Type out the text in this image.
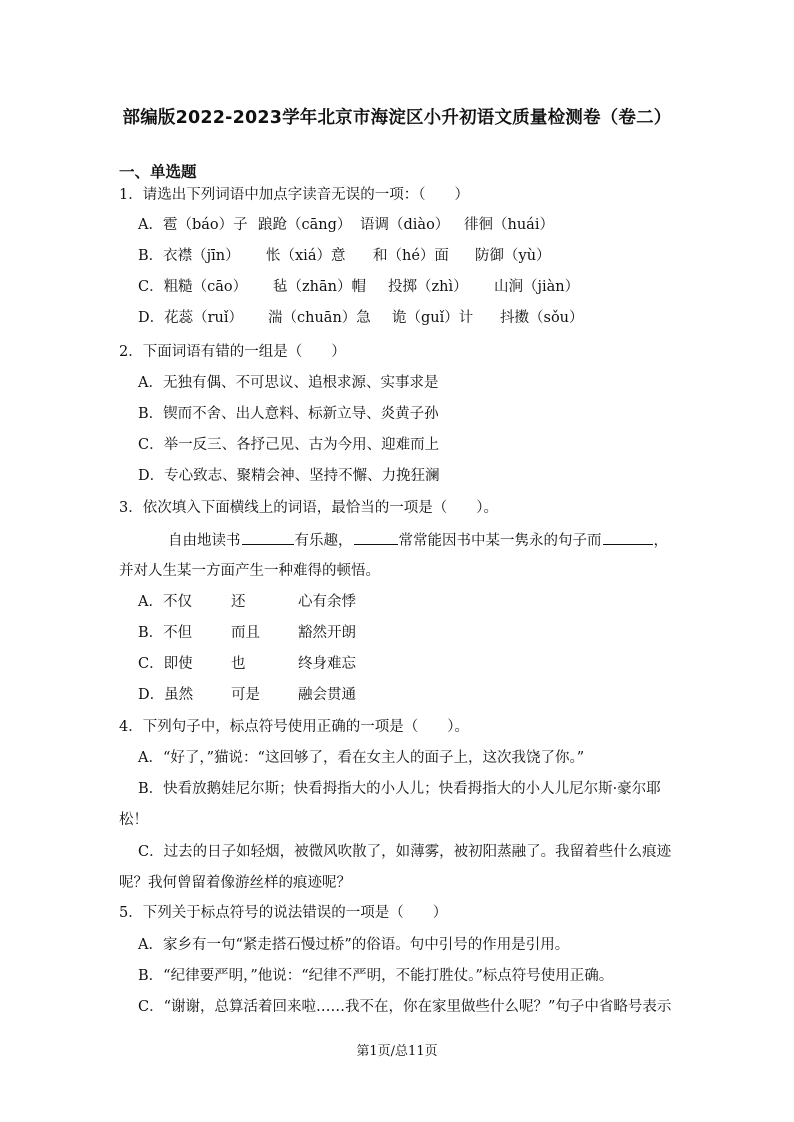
部编版2022-2023学年北京市海淀区小升初语文质量检测卷（卷二）
一、单选题
1．请选出下列词语中加点字读音无误的一项：（　　）
A．雹（báo）子 踉跄（cāng） 语调（diào） 徘徊（huái）
B．衣襟（jīn） 怅（xiá）意 和（hé）面 防御（yù）
C．粗糙（cāo） 毡（zhān）帽 投掷（zhì） 山涧（jiàn）
D．花蕊（ruǐ） 湍（chuān）急 诡（guǐ）计 抖擞（sǒu）
2．下面词语有错的一组是（　　）
A．无独有偶、不可思议、追根求源、实事求是
B．锲而不舍、出人意料、标新立导、炎黄子孙
C．举一反三、各抒己见、古为今用、迎难而上
D．专心致志、聚精会神、坚持不懈、力挽狂澜
3．依次填入下面横线上的词语，最恰当的一项是（　　）。
自由地读书	有乐趣，	常常能因书中某一隽永的句子而	，
并对人生某一方面产生一种难得的顿悟。
A．不仅	还	心有余悸
B．不但	而且	豁然开朗
C．即使	也	终身难忘
D．虽然	可是	融会贯通
4．下列句子中，标点符号使用正确的一项是（　　）。
A．“好了，”猫说：“这回够了，看在女主人的面子上，这次我饶了你。”
B．快看放鹅娃尼尔斯；快看拇指大的小人儿；快看拇指大的小人儿尼尔斯·豪尔耶
松！
C．过去的日子如轻烟，被微风吹散了，如薄雾，被初阳蒸融了。我留着些什么痕迹
呢？我何曾留着像游丝样的痕迹呢？
5．下列关于标点符号的说法错误的一项是（　　）
A．家乡有一句“紧走搭石慢过桥”的俗语。句中引号的作用是引用。
B．“纪律要严明，”他说：“纪律不严明，不能打胜仗。”标点符号使用正确。
C．“谢谢，总算活着回来啦……我不在，你在家里做些什么呢？”句子中省略号表示
第1页/总11页
